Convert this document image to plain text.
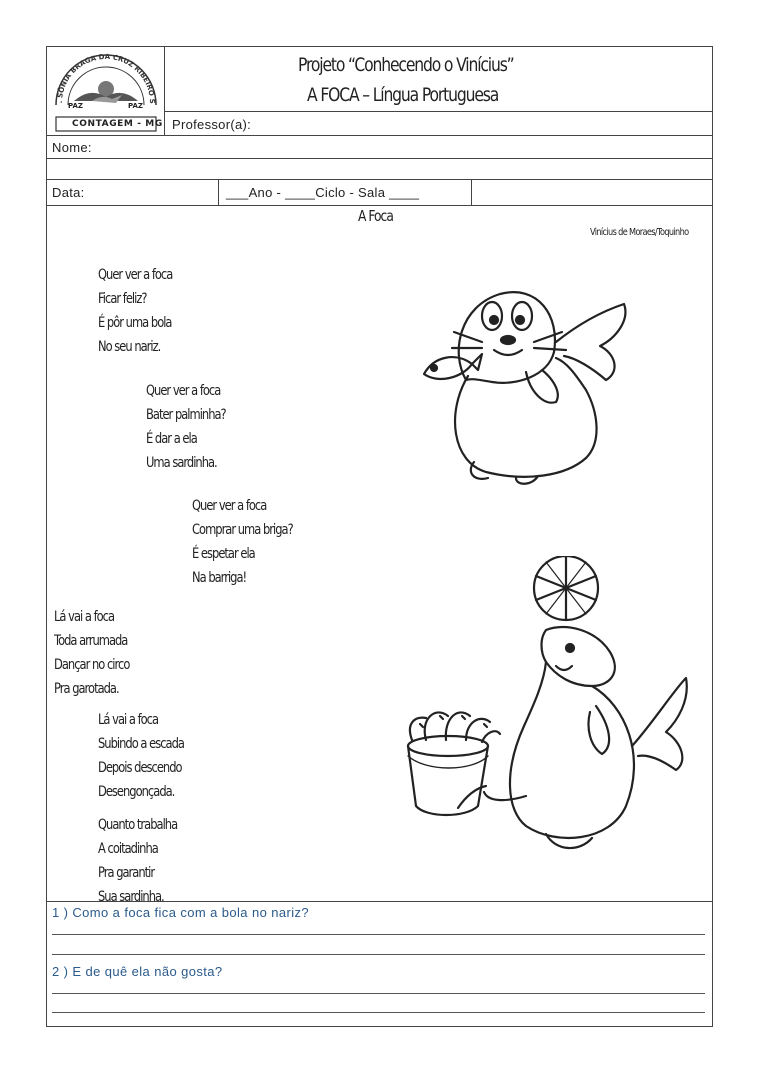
. SÔNIA BRAGA DA CRUZ RIBEIRO S
PAZ	PAZ
CONTAGEM - MG
Projeto “Conhecendo o Vinícius”
A FOCA – Língua Portuguesa
Professor(a):
Nome:
Data:	___Ano - ____Ciclo - Sala ____
A Foca
Vinícius de Moraes/Toquinho
Quer ver a foca
Ficar feliz?
É pôr uma bola
No seu nariz.
Quer ver a foca
Bater palminha?
É dar a ela
Uma sardinha.
Quer ver a foca
Comprar uma briga?
É espetar ela
Na barriga!
Lá vai a foca
Toda arrumada
Dançar no circo
Pra garotada.
Lá vai a foca
Subindo a escada
Depois descendo
Desengonçada.
Quanto trabalha
A coitadinha
Pra garantir
Sua sardinha.
1 ) Como a foca fica com a bola no nariz?
2 ) E de quê ela não gosta?
